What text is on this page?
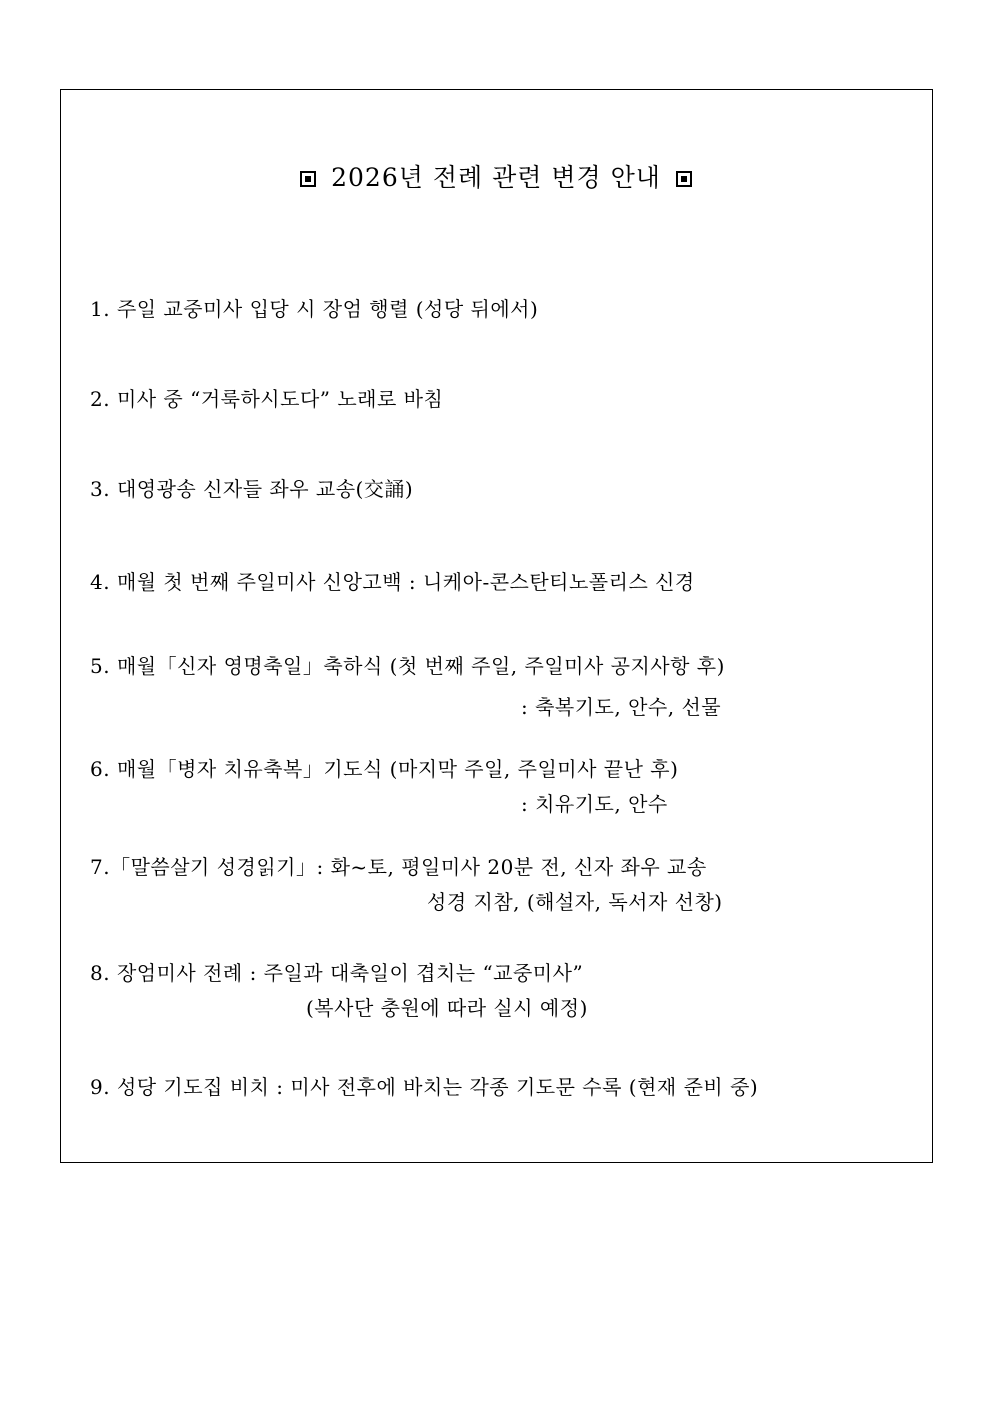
2026년 전례 관련 변경 안내
1. 주일 교중미사 입당 시 장엄 행렬 (성당 뒤에서)
2. 미사 중 “거룩하시도다” 노래로 바침
3. 대영광송 신자들 좌우 교송(交誦)
4. 매월 첫 번째 주일미사 신앙고백 : 니케아-콘스탄티노폴리스 신경
5. 매월「신자 영명축일」축하식 (첫 번째 주일, 주일미사 공지사항 후)
: 축복기도, 안수, 선물
6. 매월「병자 치유축복」기도식 (마지막 주일, 주일미사 끝난 후)
: 치유기도, 안수
7.「말씀살기 성경읽기」: 화~토, 평일미사 20분 전, 신자 좌우 교송
성경 지참, (해설자, 독서자 선창)
8. 장엄미사 전례 : 주일과 대축일이 겹치는 “교중미사”
(복사단 충원에 따라 실시 예정)
9. 성당 기도집 비치 : 미사 전후에 바치는 각종 기도문 수록 (현재 준비 중)
